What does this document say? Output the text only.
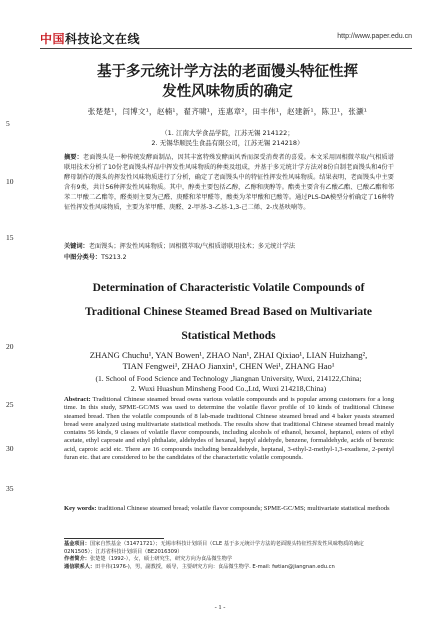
中国科技论文在线	http://www.paper.edu.cn
5
10
15
20
25
30
35
基于多元统计学方法的老面馒头特征性挥
发性风味物质的确定
张楚楚¹，闫博文¹，赵楠¹，翟齐啸¹，连惠章²，田丰伟¹，赵建新¹，陈卫¹，张灏¹
（1. 江南大学食品学院，江苏无锡 214122；
2. 无锡华顺民生食品有限公司，江苏无锡 214218）
摘要：老面馒头是一种传统发酵面制品，因其丰富特殊发酵面风香而深受消费者的喜爱。本文采用固相微萃取/气相质谱联用技术分析了10份老面馒头样品中挥发性风味物质的种类及组成，并基于多元统计学方法对8份自制老面馒头和4份干酵母制作的馒头的挥发性风味物质进行了分析，确定了老面馒头中的特征性挥发性风味物质。结果表明，老面馒头中主要含有9类，共计56种挥发性风味物质。其中，醇类主要包括乙醇，乙醇和庚醇等。酯类主要含有乙酸乙酯、已酸乙酯和邻苯二甲酸二乙酯等，醛类则主要为己醛、庚醛和苯甲醛等，酸类为苯甲酸和已酸等。通过PLS-DA模型分析确定了16种特征性挥发性风味物质，主要为苯甲醛、庚醛、2-甲基-3-乙基-1,3-己二烯、2-戊基呋喃等。
关键词：老面馒头；挥发性风味物质；固相微萃取/气相质谱联用技术；多元统计学法
中图分类号：TS213.2
Determination of Characteristic Volatile Compounds of
Traditional Chinese Steamed Bread Based on Multivariate
Statistical Methods
ZHANG Chuchu¹, YAN Bowen¹, ZHAO Nan¹, ZHAI Qixiao¹, LIAN Huizhang²,
TIAN Fengwei¹, ZHAO Jianxin¹, CHEN Wei¹, ZHANG Hao¹
(1. School of Food Science and Technology ,Jiangnan University, Wuxi, 214122,China;
2. Wuxi Huashun Minsheng Food Co.,Ltd, Wuxi 214218,China)
Abstract: Traditional Chinese steamed bread owns various volatile compounds and is popular among customers for a long time. In this study, SPME-GC/MS was used to determine the volatile flavor profile of 10 kinds of traditional Chinese steamed bread. Then the volatile compounds of 8 lab-made traditional Chinese steamed bread and 4 baker yeasts steamed bread were analyzed using multivariate statistical methods. The results show that traditional Chinese steamed bread mainly contains 56 kinds, 9 classes of volatile flavor compounds, including alcohols of ethanol, hexanol, heptanol, esters of ethyl acetate, ethyl caproate and ethyl phthalate, aldehydes of hexanal, heptyl aldehyde, benzene, formaldehyde, acids of benzoic acid, caproic acid etc. There are 16 compounds including benzaldehyde, heptanal, 3-ethyl-2-methyl-1,3-exadiene, 2-pentyl furan etc. that are considered to be the candidates of the characteristic volatile compounds.
Key words: traditional Chinese steamed bread; volatile flavor compounds; SPME-GC/MS; multivariate statistical methods
基金项目：国家自然基金（31471721）；无锡市科技计划项目（CLE 基于多元统计学方法的老面馒头特征性挥发性风味物质的确定 02N1505）；江苏省科技计划项目（BE2016309）
作者简介：张楚楚（1992-），女，硕士研究生，研究方向为食品微生物学
通信联系人：田丰伟(1976-)，男，副教授，硕导，主要研究方向：食品微生物学. E-mail: fwtian@jiangnan.edu.cn
- 1 -
